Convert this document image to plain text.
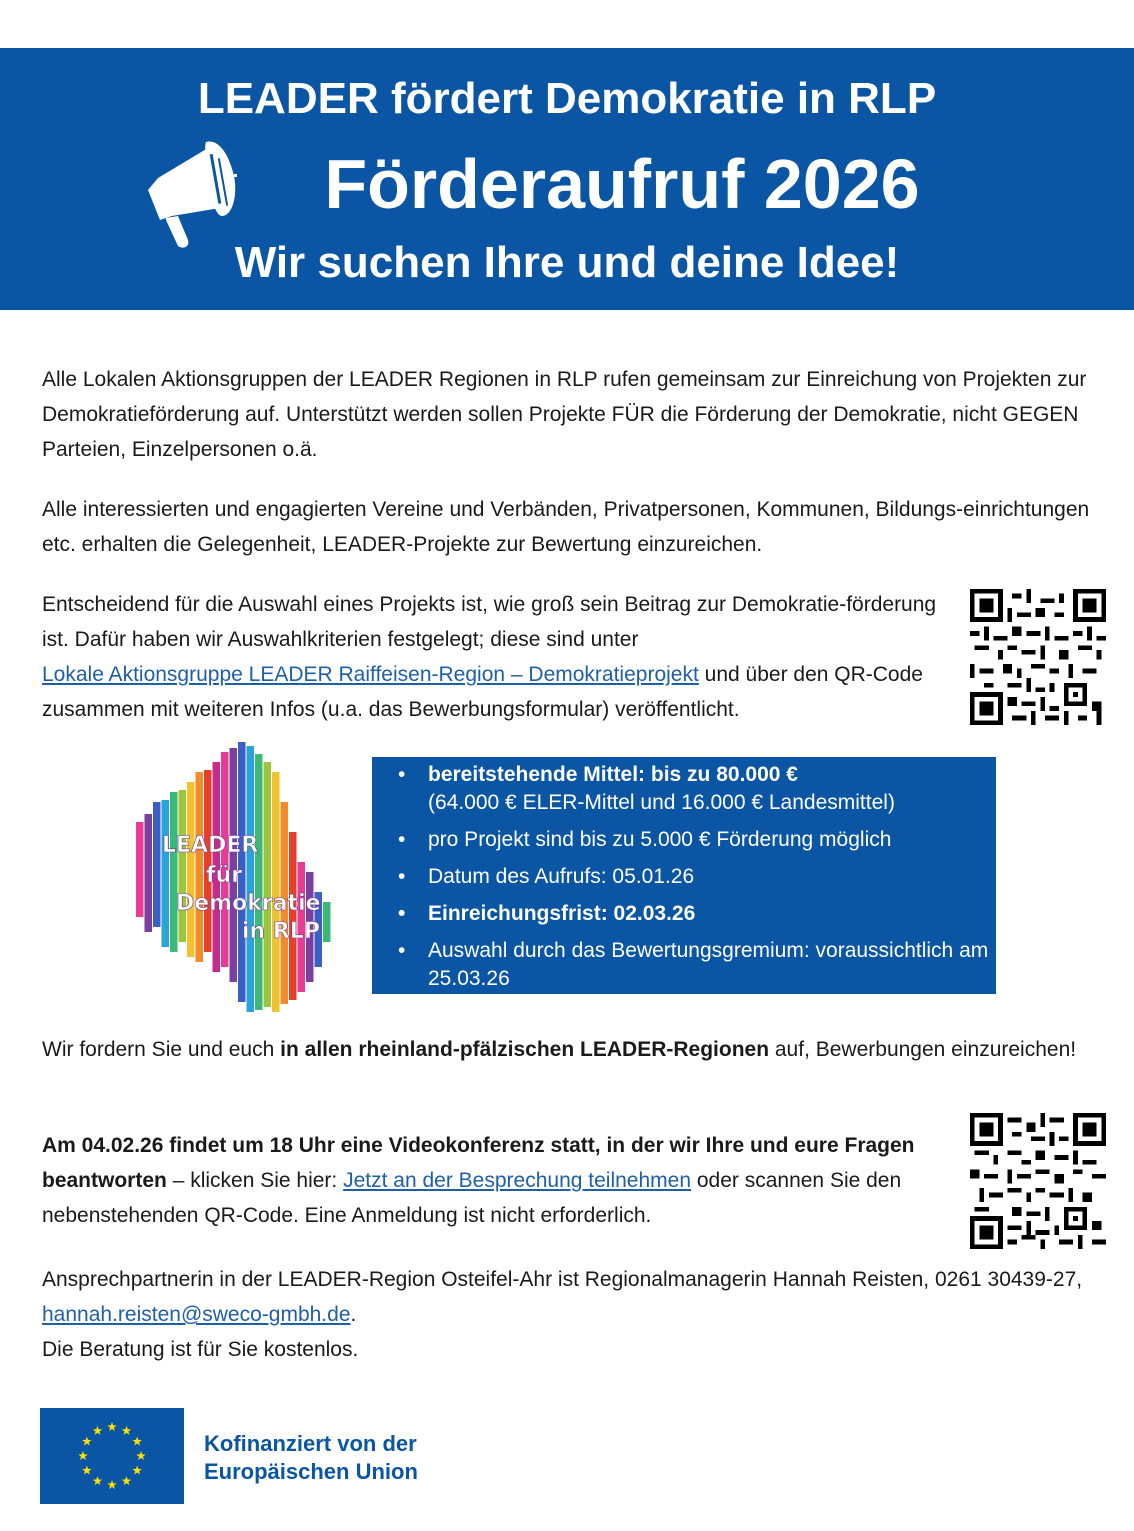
LEADER fördert Demokratie in RLP
Förderaufruf 2026
Wir suchen Ihre und deine Idee!
Alle Lokalen Aktionsgruppen der LEADER Regionen in RLP rufen gemeinsam zur Einreichung von Projekten zur Demokratieförderung auf. Unterstützt werden sollen Projekte FÜR die Förderung der Demokratie, nicht GEGEN Parteien, Einzelpersonen o.ä.
Alle interessierten und engagierten Vereine und Verbänden, Privatpersonen, Kommunen, Bildungs-einrichtungen etc. erhalten die Gelegenheit, LEADER-Projekte zur Bewertung einzureichen.
Entscheidend für die Auswahl eines Projekts ist, wie groß sein Beitrag zur Demokratie-förderung ist. Dafür haben wir Auswahlkriterien festgelegt; diese sind unter
Lokale Aktionsgruppe LEADER Raiffeisen-Region – Demokratieprojekt und über den QR-Code zusammen mit weiteren Infos (u.a. das Bewerbungsformular) veröffentlicht.
LEADER
für
Demokratie
in RLP
• bereitstehende Mittel: bis zu 80.000 €
(64.000 € ELER-Mittel und 16.000 € Landesmittel)
• pro Projekt sind bis zu 5.000 € Förderung möglich
• Datum des Aufrufs: 05.01.26
• Einreichungsfrist: 02.03.26
• Auswahl durch das Bewertungsgremium: voraussichtlich am 25.03.26
Wir fordern Sie und euch in allen rheinland-pfälzischen LEADER-Regionen auf, Bewerbungen einzureichen!
Am 04.02.26 findet um 18 Uhr eine Videokonferenz statt, in der wir Ihre und eure Fragen beantworten – klicken Sie hier: Jetzt an der Besprechung teilnehmen oder scannen Sie den nebenstehenden QR-Code. Eine Anmeldung ist nicht erforderlich.
Ansprechpartnerin in der LEADER-Region Osteifel-Ahr ist Regionalmanagerin Hannah Reisten, 0261 30439-27, hannah.reisten@sweco-gmbh.de.
Die Beratung ist für Sie kostenlos.
Kofinanziert von der
Europäischen Union
